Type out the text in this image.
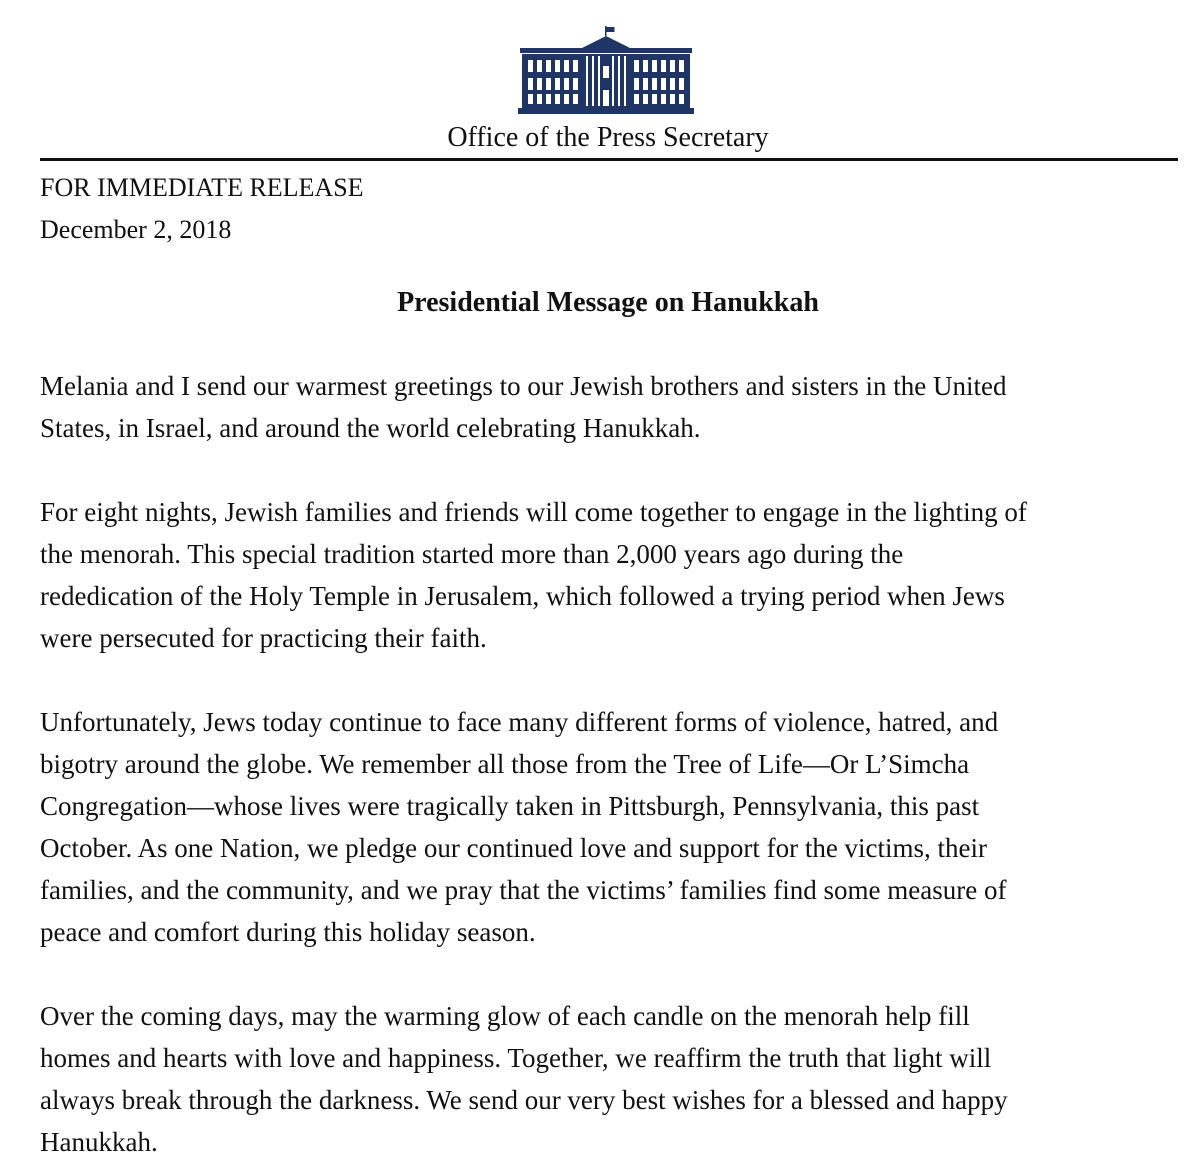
Office of the Press Secretary
FOR IMMEDIATE RELEASE
December 2, 2018
Presidential Message on Hanukkah

Melania and I send our warmest greetings to our Jewish brothers and sisters in the United
States, in Israel, and around the world celebrating Hanukkah.

For eight nights, Jewish families and friends will come together to engage in the lighting of
the menorah. This special tradition started more than 2,000 years ago during the
rededication of the Holy Temple in Jerusalem, which followed a trying period when Jews
were persecuted for practicing their faith.

Unfortunately, Jews today continue to face many different forms of violence, hatred, and
bigotry around the globe. We remember all those from the Tree of Life—Or L’Simcha
Congregation—whose lives were tragically taken in Pittsburgh, Pennsylvania, this past
October. As one Nation, we pledge our continued love and support for the victims, their
families, and the community, and we pray that the victims’ families find some measure of
peace and comfort during this holiday season.

Over the coming days, may the warming glow of each candle on the menorah help fill
homes and hearts with love and happiness. Together, we reaffirm the truth that light will
always break through the darkness. We send our very best wishes for a blessed and happy
Hanukkah.
